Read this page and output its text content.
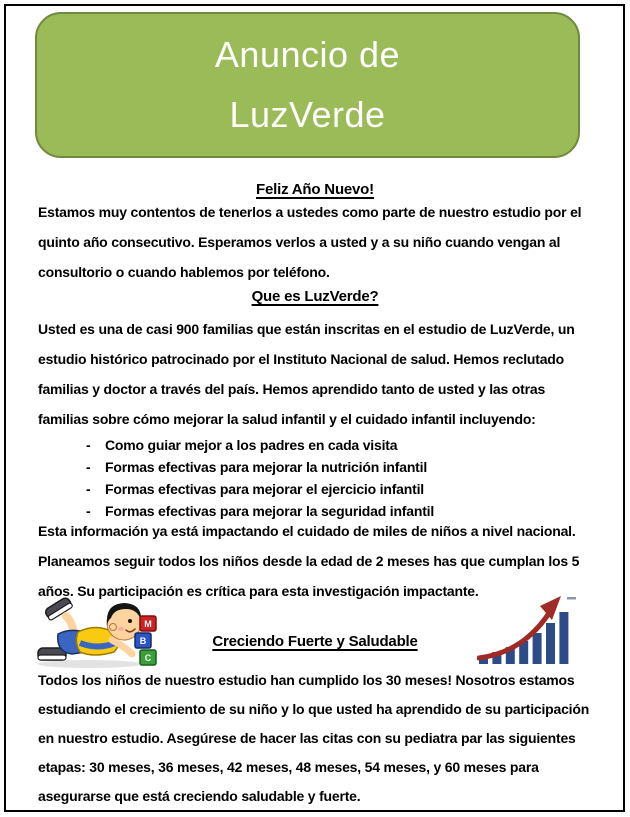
Anuncio de
LuzVerde
Feliz Año Nuevo!

Estamos muy contentos de tenerlos a ustedes como parte de nuestro estudio por el quinto año consecutivo. Esperamos verlos a usted y a su niño cuando vengan al consultorio o cuando hablemos por teléfono.

Que es LuzVerde?

Usted es una de casi 900 familias que están inscritas en el estudio de LuzVerde, un estudio histórico patrocinado por el Instituto Nacional de salud. Hemos reclutado familias y doctor a través del país. Hemos aprendido tanto de usted y las otras familias sobre cómo mejorar la salud infantil y el cuidado infantil incluyendo:

- Como guiar mejor a los padres en cada visita
- Formas efectivas para mejorar la nutrición infantil
- Formas efectivas para mejorar el ejercicio infantil
- Formas efectivas para mejorar la seguridad infantil

Esta información ya está impactando el cuidado de miles de niños a nivel nacional. Planeamos seguir todos los niños desde la edad de 2 meses has que cumplan los 5 años. Su participación es crítica para esta investigación impactante.

M
B
C
Creciendo Fuerte y Saludable

Todos los niños de nuestro estudio han cumplido los 30 meses! Nosotros estamos estudiando el crecimiento de su niño y lo que usted ha aprendido de su participación en nuestro estudio. Asegúrese de hacer las citas con su pediatra par las siguientes etapas: 30 meses, 36 meses, 42 meses, 48 meses, 54 meses, y 60 meses para asegurarse que está creciendo saludable y fuerte.
